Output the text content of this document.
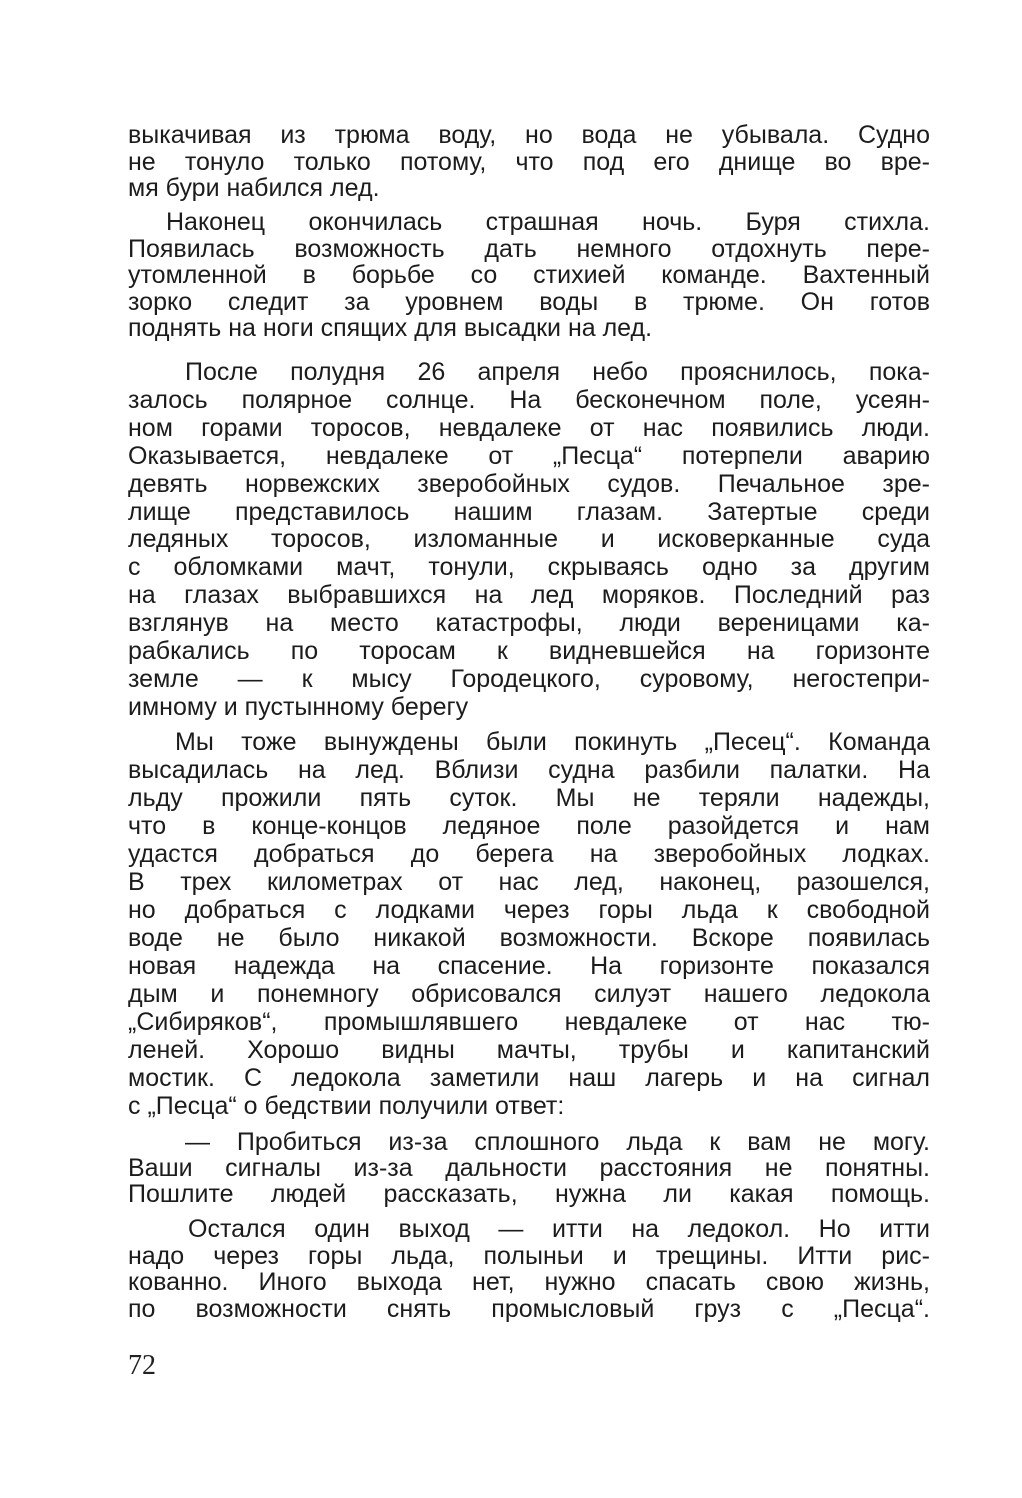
72
выкачивая из трюма воду, но вода не убывала. Судно
не тонуло только потому, что под его днище во вре-
мя бури набился лед.
Наконец окончилась страшная ночь. Буря стихла.
Появилась возможность дать немного отдохнуть пере-
утомленной в борьбе со стихией команде. Вахтенный
зорко следит за уровнем воды в трюме. Он готов
поднять на ноги спящих для высадки на лед.
После полудня 26 апреля небо прояснилось, пока-
залось полярное солнце. На бесконечном поле, усеян-
ном горами торосов, невдалеке от нас появились люди.
Оказывается, невдалеке от „Песца“ потерпели аварию
девять норвежских зверобойных судов. Печальное зре-
лище представилось нашим глазам. Затертые среди
ледяных торосов, изломанные и исковерканные суда
с обломками мачт, тонули, скрываясь одно за другим
на глазах выбравшихся на лед моряков. Последний раз
взглянув на место катастрофы, люди вереницами ка-
рабкались по торосам к видневшейся на горизонте
земле — к мысу Городецкого, суровому, негостепри-
имному и пустынному берегу
Мы тоже вынуждены были покинуть „Песец“. Команда
высадилась на лед. Вблизи судна разбили палатки. На
льду прожили пять суток. Мы не теряли надежды,
что в конце-концов ледяное поле разойдется и нам
удастся добраться до берега на зверобойных лодках.
В трех километрах от нас лед, наконец, разошелся,
но добраться с лодками через горы льда к свободной
воде не было никакой возможности. Вскоре появилась
новая надежда на спасение. На горизонте показался
дым и понемногу обрисовался силуэт нашего ледокола
„Сибиряков“, промышлявшего невдалеке от нас тю-
леней. Хорошо видны мачты, трубы и капитанский
мостик. С ледокола заметили наш лагерь и на сигнал
с „Песца“ о бедствии получили ответ:
— Пробиться из-за сплошного льда к вам не могу.
Ваши сигналы из-за дальности расстояния не понятны.
Пошлите людей рассказать, нужна ли какая помощь.
Остался один выход — итти на ледокол. Но итти
надо через горы льда, полыньи и трещины. Итти рис-
кованно. Иного выхода нет, нужно спасать свою жизнь,
по возможности снять промысловый груз с „Песца“.
